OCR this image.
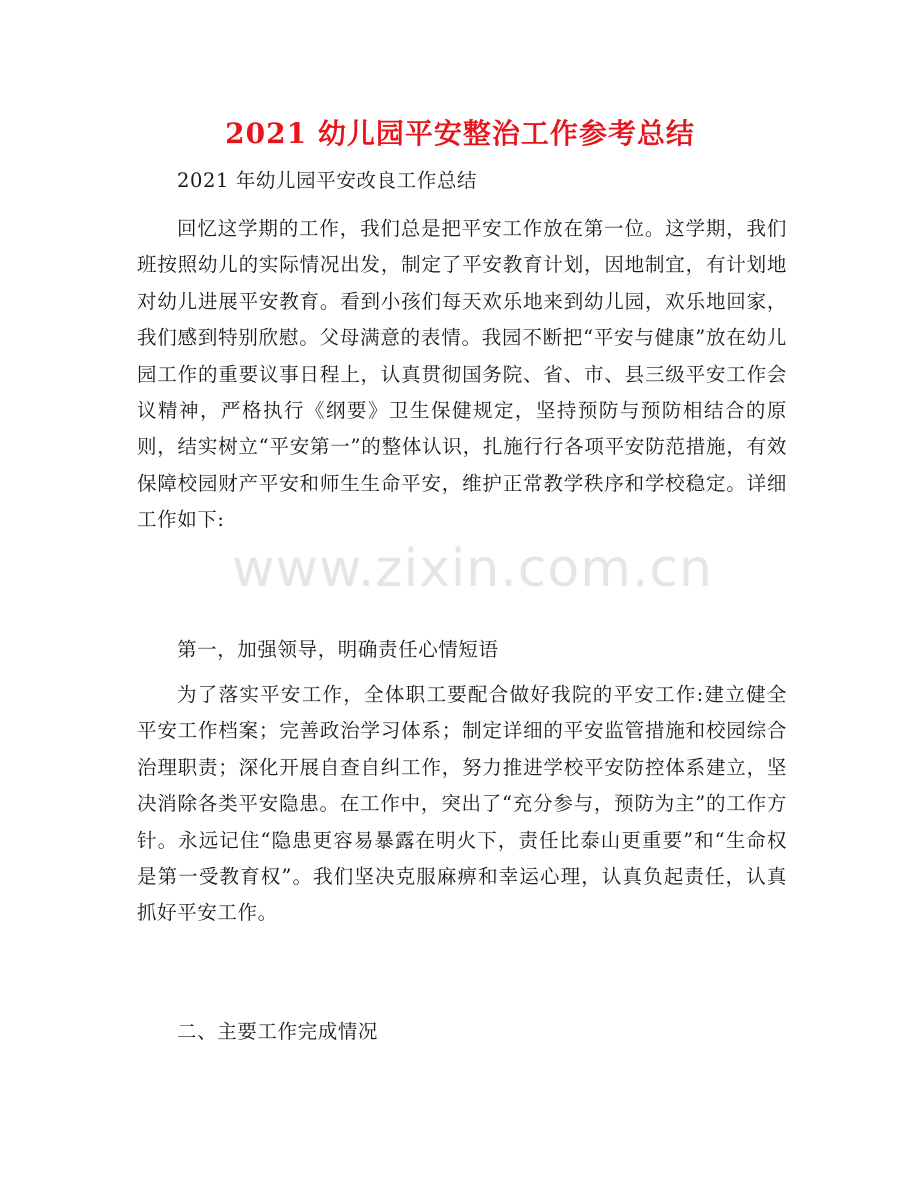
2021 幼儿园平安整治工作参考总结
2021 年幼儿园平安改良工作总结
回忆这学期的工作，我们总是把平安工作放在第一位。这学期，我们班按照幼儿的实际情况出发，制定了平安教育计划，因地制宜，有计划地对幼儿进展平安教育。看到小孩们每天欢乐地来到幼儿园，欢乐地回家，我们感到特别欣慰。父母满意的表情。我园不断把“平安与健康”放在幼儿园工作的重要议事日程上，认真贯彻国务院、省、市、县三级平安工作会议精神，严格执行《纲要》卫生保健规定，坚持预防与预防相结合的原则，结实树立“平安第一”的整体认识，扎施行行各项平安防范措施，有效保障校园财产平安和师生生命平安，维护正常教学秩序和学校稳定。详细工作如下:
第一，加强领导，明确责任心情短语
为了落实平安工作，全体职工要配合做好我院的平安工作:建立健全平安工作档案；完善政治学习体系；制定详细的平安监管措施和校园综合治理职责；深化开展自查自纠工作，努力推进学校平安防控体系建立，坚决消除各类平安隐患。在工作中，突出了“充分参与，预防为主”的工作方针。永远记住“隐患更容易暴露在明火下，责任比泰山更重要”和“生命权是第一受教育权”。我们坚决克服麻痹和幸运心理，认真负起责任，认真抓好平安工作。
二、主要工作完成情况
www.zixin.com.cn
